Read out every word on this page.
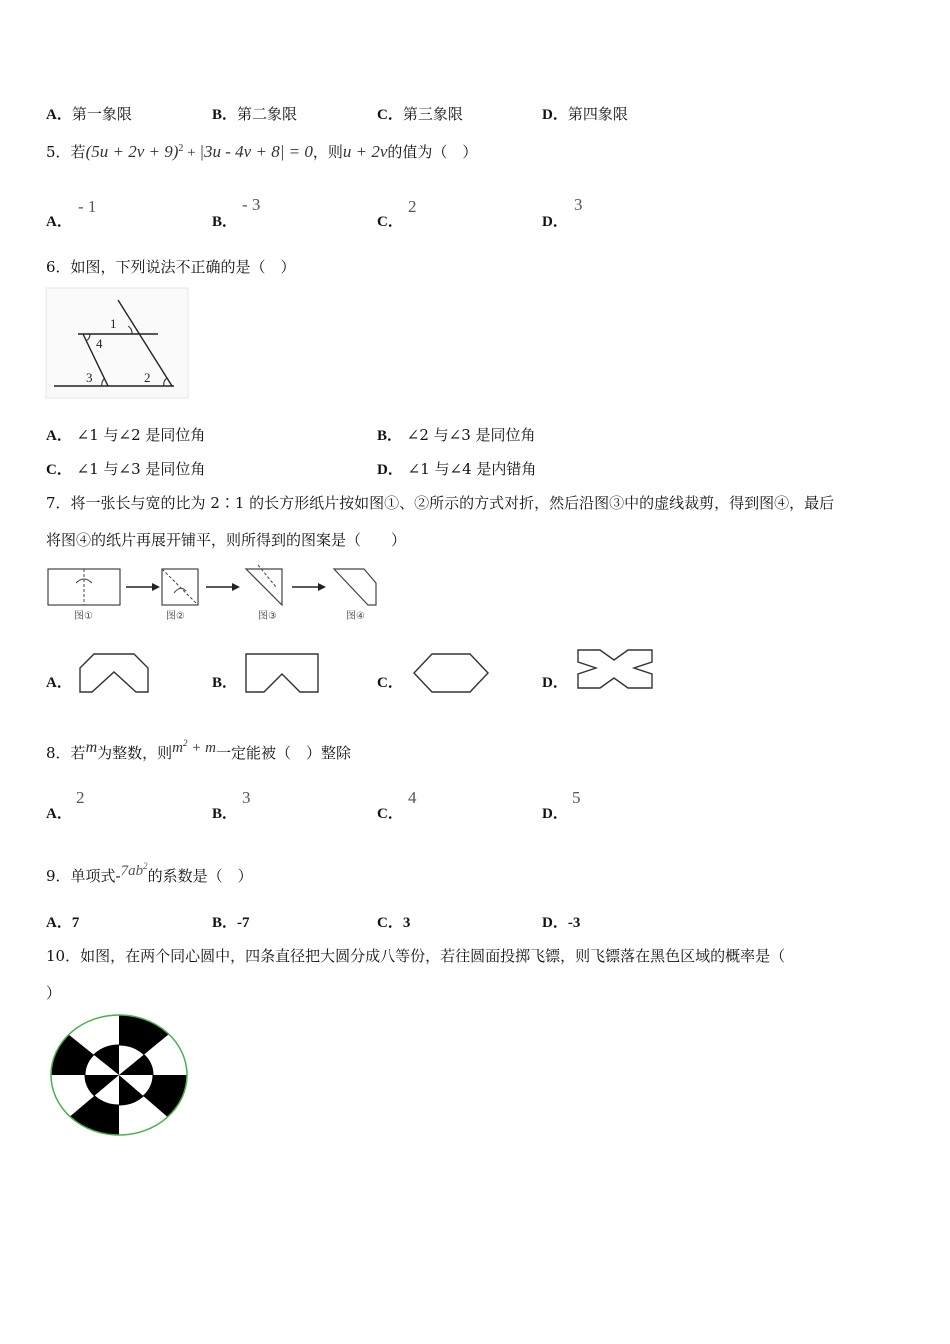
A．第一象限	B．第二象限	C．第三象限	D．第四象限
5．若$(5u + 2v + 9)^2 + |3u - 4v + 8| = 0$，则u + 2v的值为（　）
A．
- 1
B．
- 3
C．
2
D．
3
6．如图，下列说法不正确的是（　）
1
4
3	2
A． ∠1 与∠2 是同位角	B． ∠2 与∠3 是同位角
C． ∠1 与∠3 是同位角	D． ∠1 与∠4 是内错角
7．将一张长与宽的比为 2∶1 的长方形纸片按如图①、②所示的方式对折，然后沿图③中的虚线裁剪，得到图④，最后
将图④的纸片再展开铺平，则所得到的图案是（　　）
图①	图②	图③	图④
A．	B．	C．	D．
8．若$^m$为整数，则$^{m^2 + m}$一定能被（　）整除
A．
2
B．
3
C．
4
D．
5
9．单项式-$^{7ab^2}$的系数是（　）
A．7	B．-7	C．3	D．-3
10．如图，在两个同心圆中，四条直径把大圆分成八等份，若往圆面投掷飞镖，则飞镖落在黑色区域的概率是（
）
